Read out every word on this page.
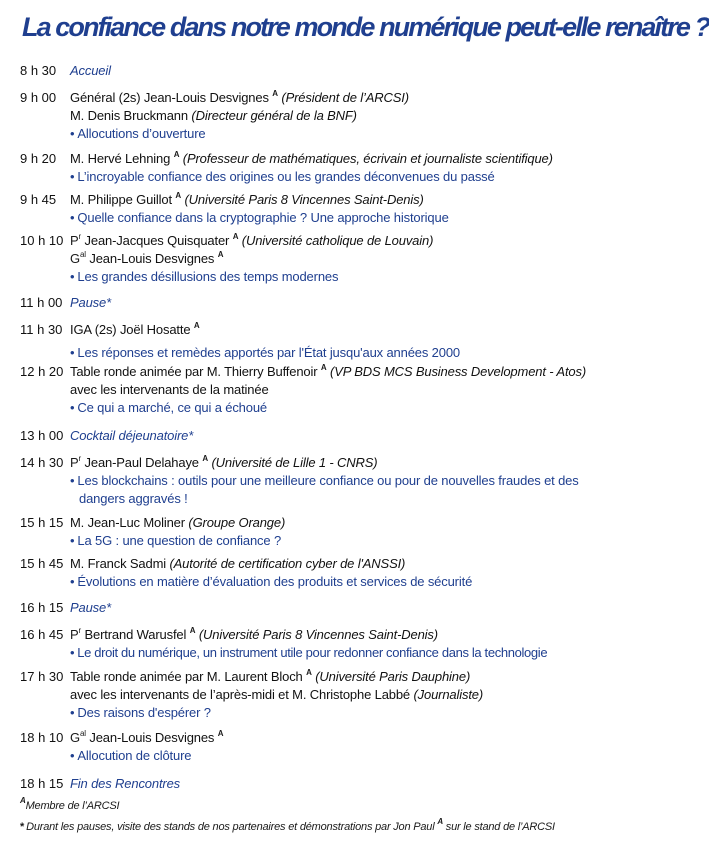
La confiance dans notre monde numérique peut-elle renaître ?
8 h 30	Accueil
9 h 00	Général (2s) Jean-Louis Desvignes $^A$ (Président de l’ARCSI)
M. Denis Bruckmann (Directeur général de la BNF)
• Allocutions d’ouverture
9 h 20	M. Hervé Lehning $^A$ (Professeur de mathématiques, écrivain et journaliste scientifique)
• L’incroyable confiance des origines ou les grandes déconvenues du passé
9 h 45	M. Philippe Guillot $^A$ (Université Paris 8 Vincennes Saint-Denis)
• Quelle confiance dans la cryptographie ? Une approche historique
10 h 10 $P^r$ Jean-Jacques Quisquater $^A$ (Université catholique de Louvain)
$G^{al}$ Jean-Louis Desvignes $^A$
• Les grandes désillusions des temps modernes
11 h 00 Pause*
11 h 30 IGA (2s) Joël Hosatte $^A$
• Les réponses et remèdes apportés par l'État jusqu'aux années 2000
12 h 20 Table ronde animée par M. Thierry Buffenoir $^A$ (VP BDS MCS Business Development - Atos)
avec les intervenants de la matinée
• Ce qui a marché, ce qui a échoué
13 h 00 Cocktail déjeunatoire*
14 h 30 $P^r$ Jean-Paul Delahaye $^A$ (Université de Lille 1 - CNRS)
• Les blockchains : outils pour une meilleure confiance ou pour de nouvelles fraudes et des dangers aggravés !
15 h 15 M. Jean-Luc Moliner (Groupe Orange)
• La 5G : une question de confiance ?
15 h 45 M. Franck Sadmi (Autorité de certification cyber de l'ANSSI)
• Évolutions en matière d’évaluation des produits et services de sécurité
16 h 15 Pause*
16 h 45 $P^r$ Bertrand Warusfel $^A$ (Université Paris 8 Vincennes Saint-Denis)
• Le droit du numérique, un instrument utile pour redonner confiance dans la technologie
17 h 30 Table ronde animée par M. Laurent Bloch $^A$ (Université Paris Dauphine)
avec les intervenants de l’après-midi et M. Christophe Labbé (Journaliste)
• Des raisons d'espérer ?
18 h 10 $G^{al}$ Jean-Louis Desvignes $^A$
• Allocution de clôture
18 h 15 Fin des Rencontres
$^A$Membre de l’ARCSI
* Durant les pauses, visite des stands de nos partenaires et démonstrations par Jon Paul $^A$ sur le stand de l’ARCSI
